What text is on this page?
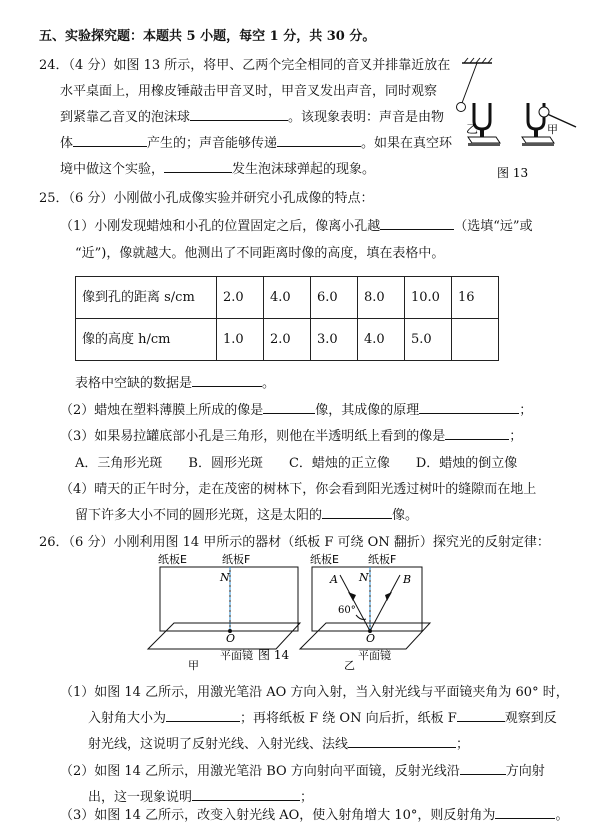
五、实验探究题：本题共 5 小题，每空 1 分，共 30 分。
24．（4 分）如图 13 所示，将甲、乙两个完全相同的音叉并排靠近放在
水平桌面上，用橡皮锤敲击甲音叉时，甲音叉发出声音，同时观察
到紧靠乙音叉的泡沫球	。该现象表明：声音是由物
体	产生的；声音能够传递	。如果在真空环
境中做这个实验，	发生泡沫球弹起的现象。
乙	甲
图 13
25．（6 分）小刚做小孔成像实验并研究小孔成像的特点：
（1）小刚发现蜡烛和小孔的位置固定之后，像离小孔越	（选填“远”或
“近”)，像就越大。他测出了不同距离时像的高度，填在表格中。
像到孔的距离 s/cm	2.0	4.0	6.0	8.0	10.0	16
像的高度 h/cm	1.0	2.0	3.0	4.0	5.0	
表格中空缺的数据是	。
（2）蜡烛在塑料薄膜上所成的像是	像，其成像的原理	；
（3）如果易拉罐底部小孔是三角形，则他在半透明纸上看到的像是	；
A．三角形光斑　　B．圆形光斑　　C．蜡烛的正立像　　D．蜡烛的倒立像
（4）晴天的正午时分，走在茂密的树林下，你会看到阳光透过树叶的缝隙而在地上
留下许多大小不同的圆形光斑，这是太阳的	像。
26．（6 分）小刚利用图 14 甲所示的器材（纸板 F 可绕 ON 翻折）探究光的反射定律：
纸板E	纸板F
N
O
平面镜
甲
纸板E	纸板F
A N	B
60°
O
平面镜
乙
图 14
（1）如图 14 乙所示，用激光笔沿 AO 方向入射，当入射光线与平面镜夹角为 60° 时，
入射角大小为	；再将纸板 F 绕 ON 向后折，纸板 F	观察到反
射光线，这说明了反射光线、入射光线、法线	；
（2）如图 14 乙所示，用激光笔沿 BO 方向射向平面镜，反射光线沿	方向射
出，这一现象说明	；
（3）如图 14 乙所示，改变入射光线 AO，使入射角增大 10°，则反射角为	。
